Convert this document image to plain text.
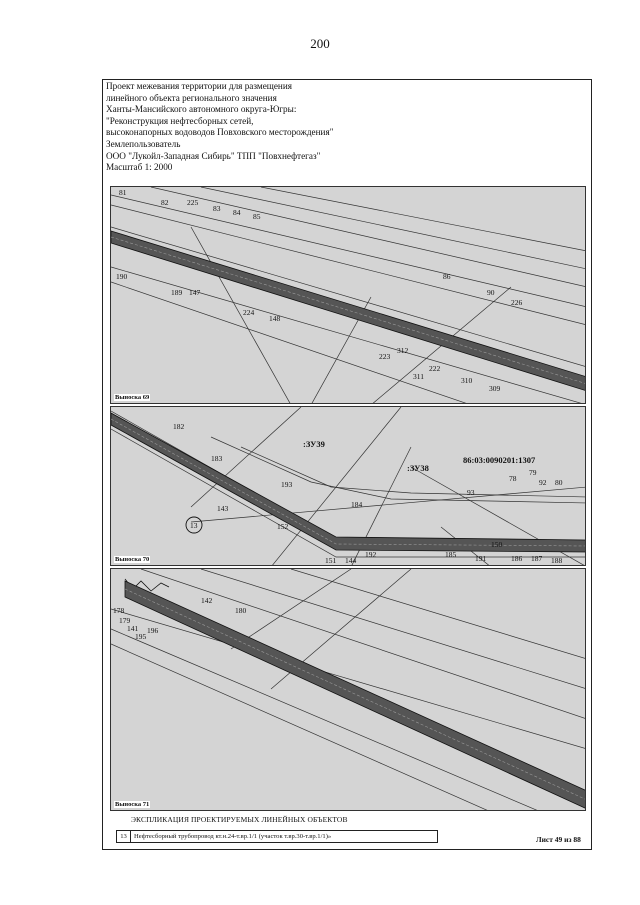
200
Проект межевания территории для размещения
линейного объекта регионального значения
Ханты-Мансийского автономного округа-Югры:
"Реконструкция нефтесборных сетей,
высоконапорных водоводов Повховского месторождения"
Землепользователь
ООО "Лукойл-Западная Сибирь" ТПП "Повхнефтегаз"
Масштаб 1: 2000
81
82 225
83 84 85
190
189 147
224
148
86
90
226
223
312
311
222
310
309
Выноска 69
182
183
193
143
152
13
184
93
78
79
92 80
151 144
192	185	191	186 187 188
150
:ЗУ39
:ЗУ38
86:03:0090201:1307
Выноска 70
178
179
141
195
196
142
180
Выноска 71
ЭКСПЛИКАЦИЯ ПРОЕКТИРУЕМЫХ ЛИНЕЙНЫХ ОБЪЕКТОВ
13	Нефтесборный трубопровод кт.н.24-т.вр.1/1 (участок т.вр.30-т.вр.1/1)»	Лист 49 из 88
